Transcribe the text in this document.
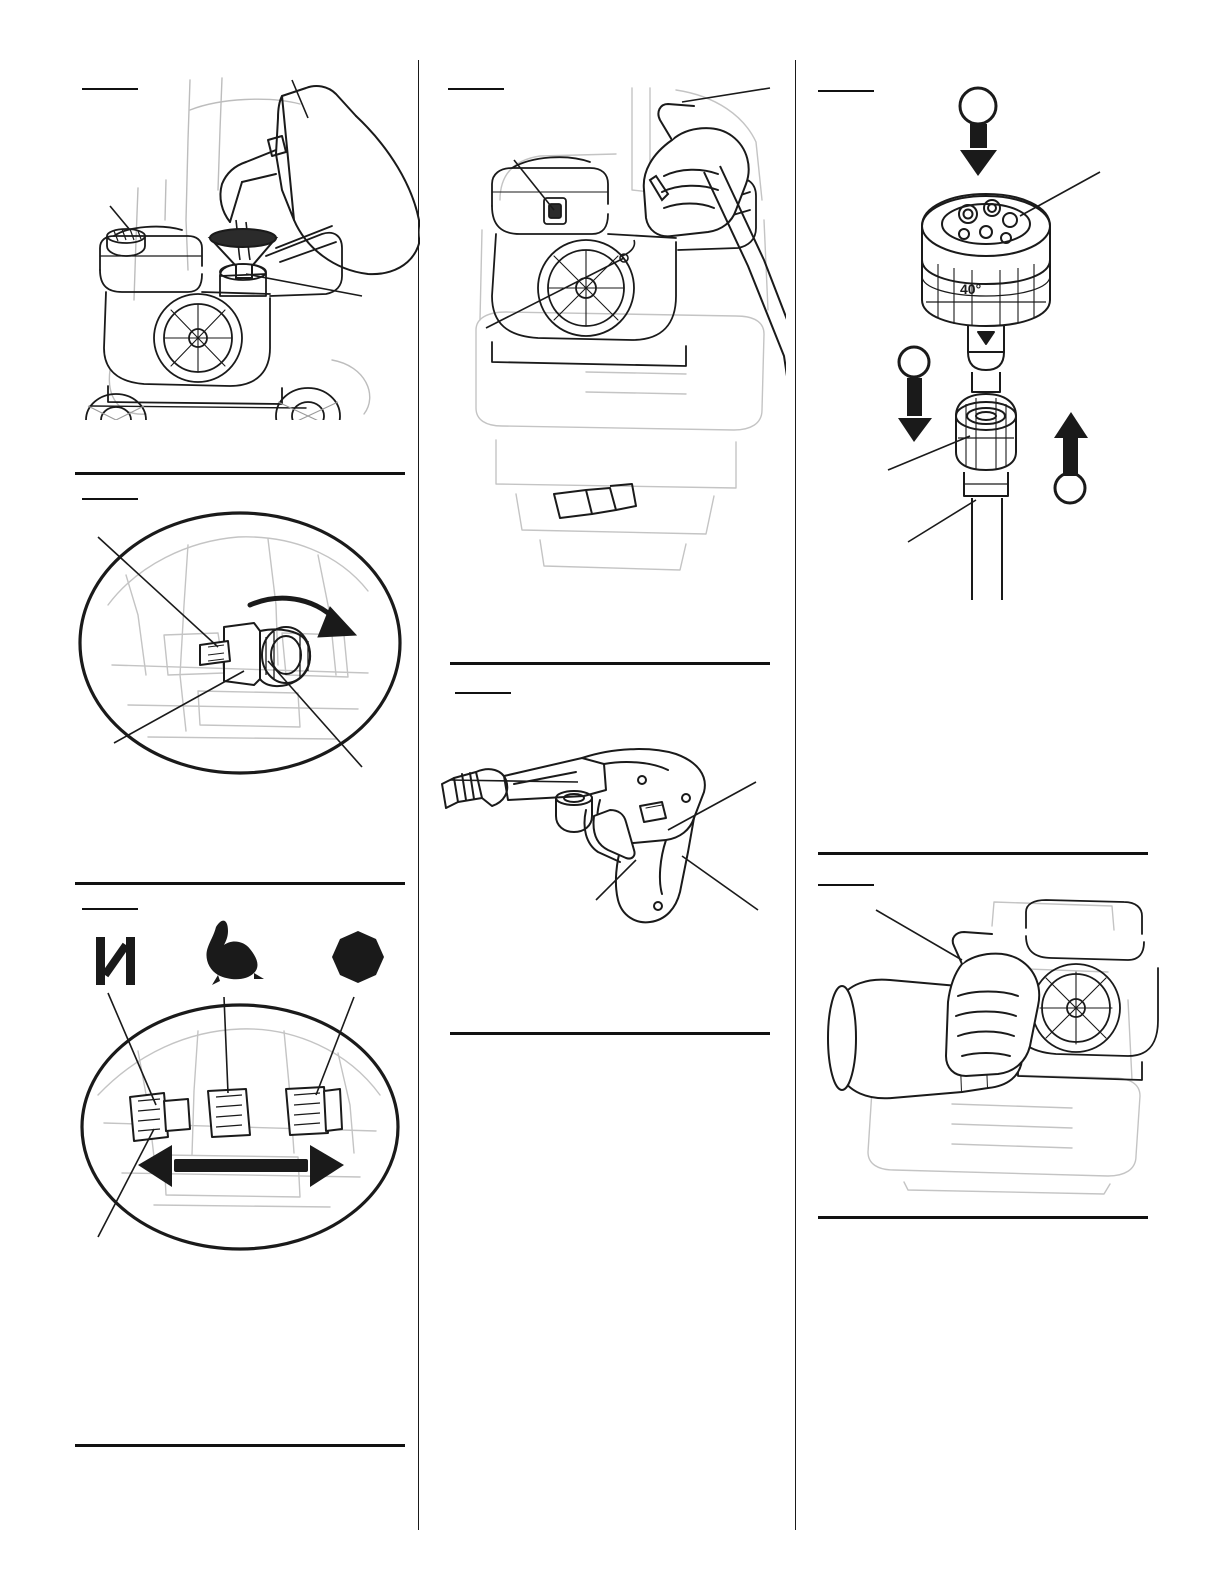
40°
